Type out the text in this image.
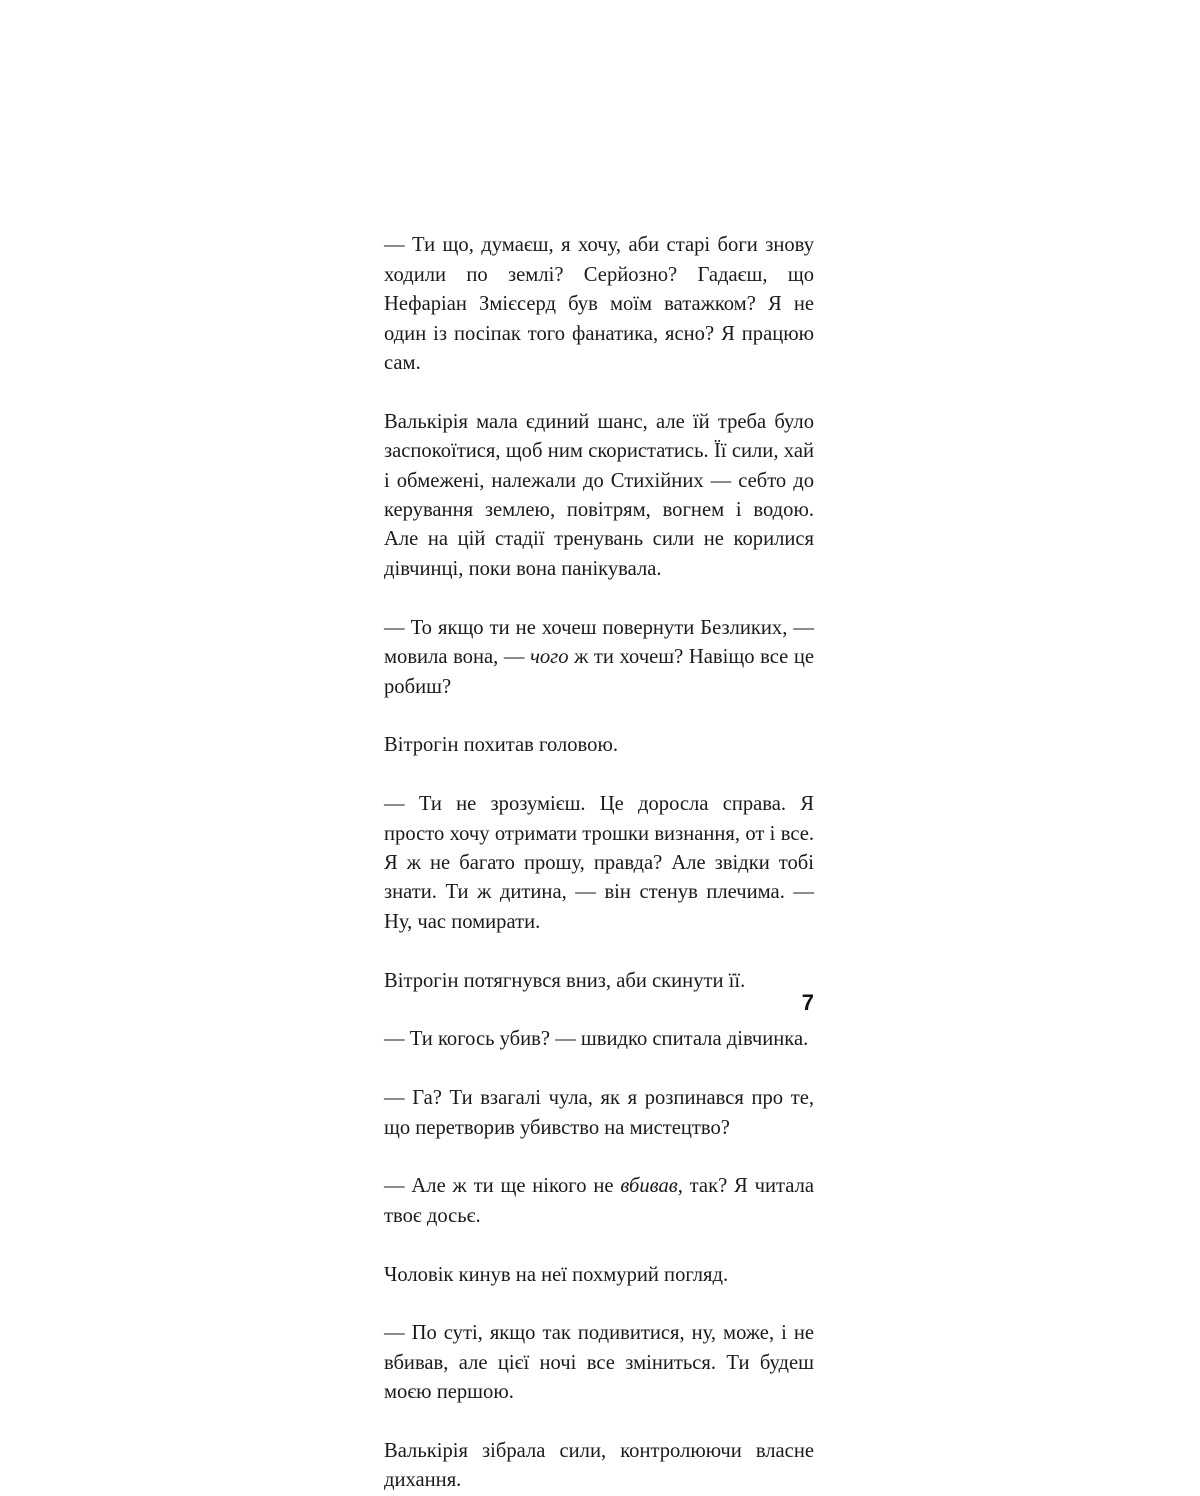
— Ти що, думаєш, я хочу, аби старі боги знову ходили по землі? Серйозно? Гадаєш, що Нефаріан Змієсерд був моїм ватажком? Я не один із посіпак того фанатика, ясно? Я працюю сам.

Валькірія мала єдиний шанс, але їй треба було заспокоїтися, щоб ним скористатись. Її сили, хай і обмежені, належали до Стихійних — себто до керування землею, повітрям, вогнем і водою. Але на цій стадії тренувань сили не корилися дівчинці, поки вона панікувала.

— То якщо ти не хочеш повернути Безликих, — мовила вона, — чого ж ти хочеш? Навіщо все це робиш?

Вітрогін похитав головою.

— Ти не зрозумієш. Це доросла справа. Я просто хочу отримати трошки визнання, от і все. Я ж не багато прошу, правда? Але звідки тобі знати. Ти ж дитина, — він стенув плечима. — Ну, час помирати.

Вітрогін потягнувся вниз, аби скинути її.

— Ти когось убив? — швидко спитала дівчинка.

— Га? Ти взагалі чула, як я розпинався про те, що перетворив убивство на мистецтво?

— Але ж ти ще нікого не вбивав, так? Я читала твоє досьє.

Чоловік кинув на неї похмурий погляд.

— По суті, якщо так подивитися, ну, може, і не вбивав, але цієї ночі все зміниться. Ти будеш моєю першою.

Валькірія зібрала сили, контролюючи власне дихання.

7
